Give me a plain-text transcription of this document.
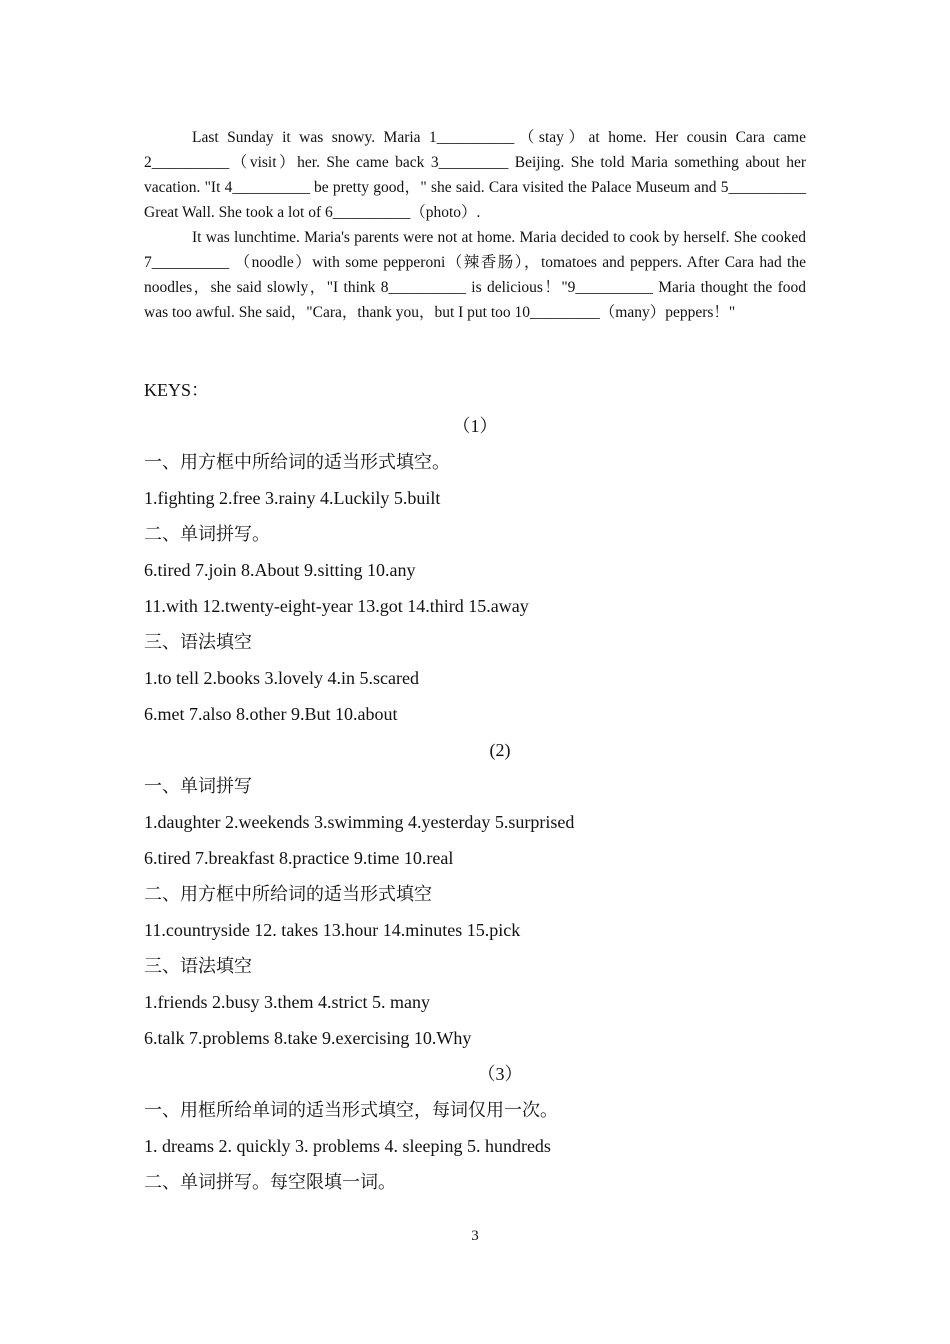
Last Sunday it was snowy. Maria 1__________（stay）at home. Her cousin Cara came 2__________（visit）her. She came back 3_________ Beijing. She told Maria something about her vacation. "It 4__________ be pretty good，" she said. Cara visited the Palace Museum and 5__________ Great Wall. She took a lot of 6__________（photo）.

It was lunchtime. Maria's parents were not at home. Maria decided to cook by herself. She cooked 7__________ （noodle）with some pepperoni（辣香肠），tomatoes and peppers. After Cara had the noodles，she said slowly，"I think 8__________ is delicious！"9__________ Maria thought the food was too awful. She said，"Cara，thank you，but I put too 10_________（many）peppers！"

KEYS：
（1）
一、用方框中所给词的适当形式填空。
1.fighting 2.free 3.rainy 4.Luckily 5.built
二、单词拼写。
6.tired 7.join 8.About 9.sitting 10.any
11.with 12.twenty-eight-year 13.got 14.third 15.away
三、语法填空
1.to tell 2.books 3.lovely 4.in 5.scared
6.met 7.also 8.other 9.But 10.about
(2)
一、单词拼写
1.daughter 2.weekends 3.swimming 4.yesterday 5.surprised
6.tired 7.breakfast 8.practice 9.time 10.real
二、用方框中所给词的适当形式填空
11.countryside 12. takes 13.hour 14.minutes 15.pick
三、语法填空
1.friends 2.busy 3.them 4.strict 5. many
6.talk 7.problems 8.take 9.exercising 10.Why
（3）
一、用框所给单词的适当形式填空，每词仅用一次。
1. dreams 2. quickly 3. problems 4. sleeping 5. hundreds
二、单词拼写。每空限填一词。
3
